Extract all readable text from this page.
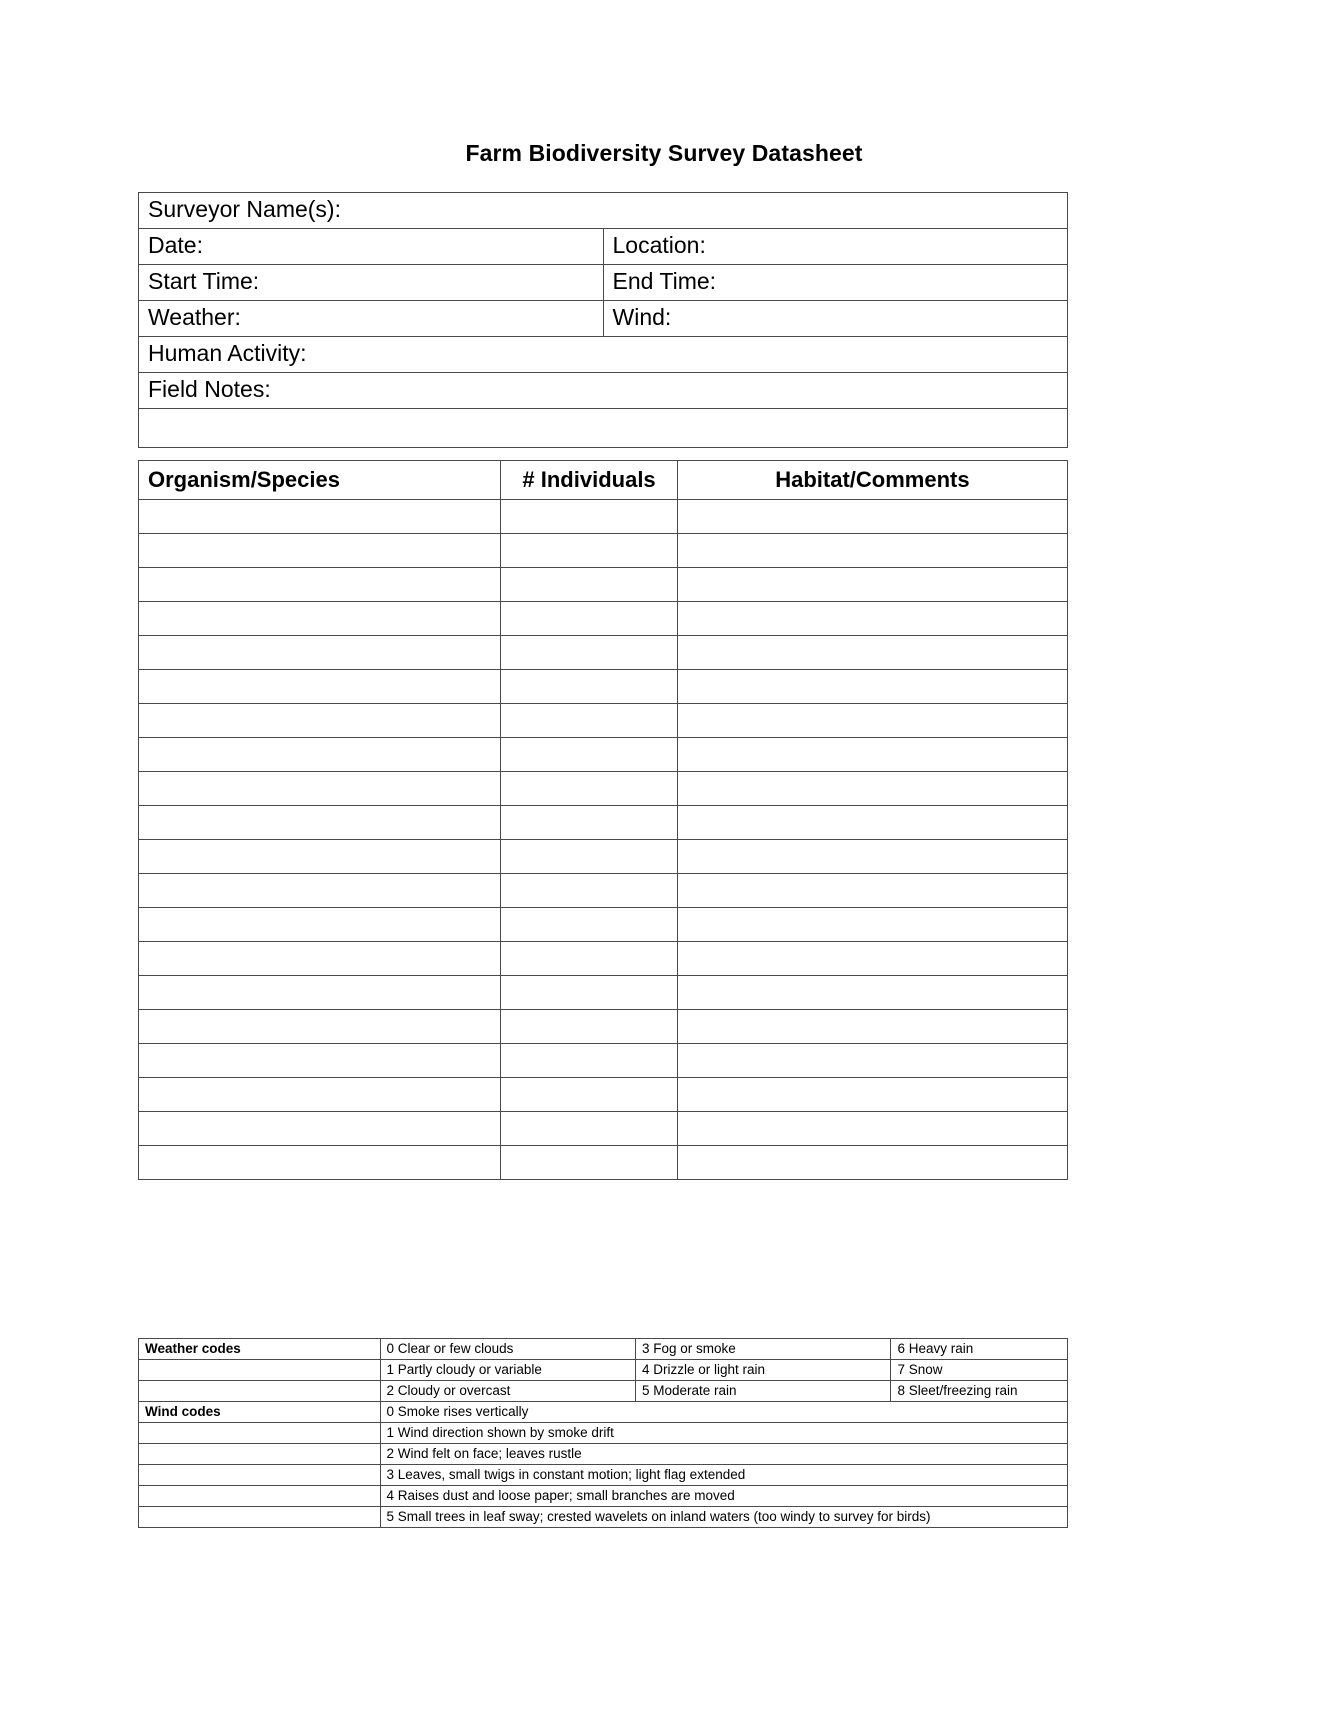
Farm Biodiversity Survey Datasheet
Surveyor Name(s):	
Date:	Location:
Start Time:	End Time:
Weather:	Wind:
Human Activity:	
Field Notes:	

Organism/Species	# Individuals	Habitat/Comments

Weather codes	0 Clear or few clouds	3 Fog or smoke	6 Heavy rain
	1 Partly cloudy or variable	4 Drizzle or light rain	7 Snow
	2 Cloudy or overcast	5 Moderate rain	8 Sleet/freezing rain
Wind codes	0 Smoke rises vertically		
	1 Wind direction shown by smoke drift		
	2 Wind felt on face; leaves rustle		
	3 Leaves, small twigs in constant motion; light flag extended		
	4 Raises dust and loose paper; small branches are moved		
	5 Small trees in leaf sway; crested wavelets on inland waters (too windy to survey for birds)		
